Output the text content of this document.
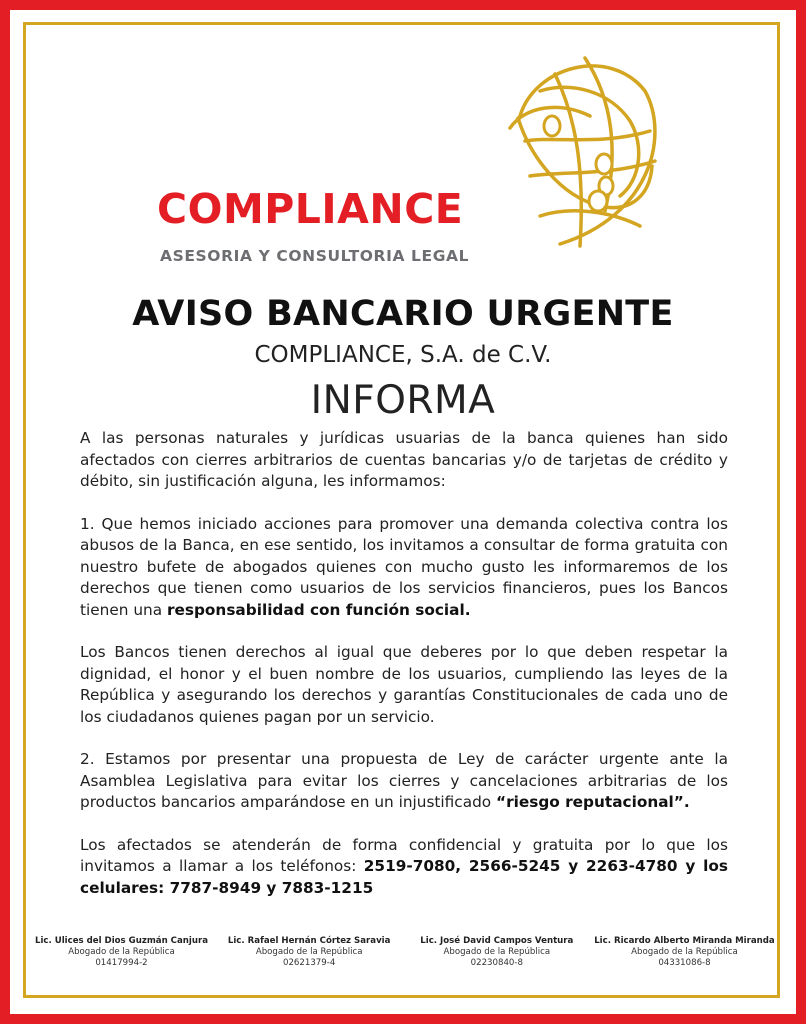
COMPLIANCE
ASESORIA Y CONSULTORIA LEGAL
AVISO BANCARIO URGENTE
COMPLIANCE, S.A. de C.V.
INFORMA

A las personas naturales y jurídicas usuarias de la banca quienes han sido afectados con cierres arbitrarios de cuentas bancarias y/o de tarjetas de crédito y débito, sin justificación alguna, les informamos:

1. Que hemos iniciado acciones para promover una demanda colectiva contra los abusos de la Banca, en ese sentido, los invitamos a consultar de forma gratuita con nuestro bufete de abogados quienes con mucho gusto les informaremos de los derechos que tienen como usuarios de los servicios financieros, pues los Bancos tienen una responsabilidad con función social.

Los Bancos tienen derechos al igual que deberes por lo que deben respetar la dignidad, el honor y el buen nombre de los usuarios, cumpliendo las leyes de la República y asegurando los derechos y garantías Constitucionales de cada uno de los ciudadanos quienes pagan por un servicio.

2. Estamos por presentar una propuesta de Ley de carácter urgente ante la Asamblea Legislativa para evitar los cierres y cancelaciones arbitrarias de los productos bancarios amparándose en un injustificado “riesgo reputacional”.

Los afectados se atenderán de forma confidencial y gratuita por lo que los invitamos a llamar a los teléfonos: 2519-7080, 2566-5245 y 2263-4780 y los celulares: 7787-8949 y 7883-1215

Lic. Ulices del Dios Guzmán Canjura
Abogado de la República
01417994-2
Lic. Rafael Hernán Córtez Saravia
Abogado de la República
02621379-4
Lic. José David Campos Ventura
Abogado de la República
02230840-8
Lic. Ricardo Alberto Miranda Miranda
Abogado de la República
04331086-8
